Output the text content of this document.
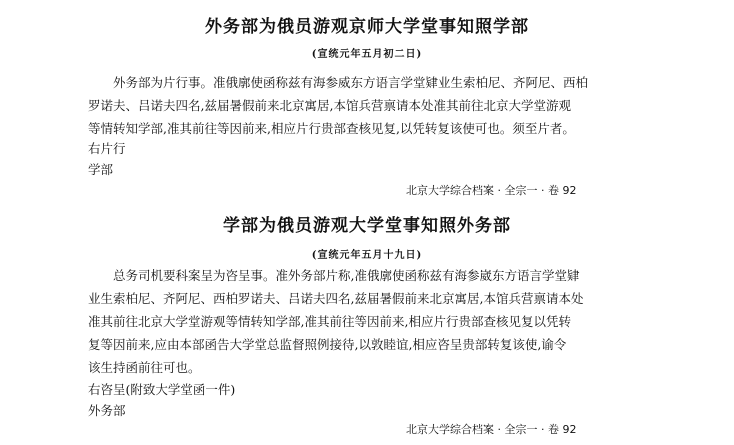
外务部为俄员游观京师大学堂事知照学部
(宣统元年五月初二日)
　　外务部为片行事。准俄廓使函称兹有海参威东方语言学堂肄业生索柏尼、齐阿尼、西柏
罗诺夫、吕诺夫四名,兹届暑假前来北京寓居,本馆兵营禀请本处准其前往北京大学堂游观
等情转知学部,准其前往等因前来,相应片行贵部查核见复,以凭转复该使可也。须至片者。
右片行
学部
北京大学综合档案 · 全宗一 · 卷 92
学部为俄员游观大学堂事知照外务部
(宣统元年五月十九日)
　　总务司机要科案呈为咨呈事。准外务部片称,准俄廓使函称兹有海参崴东方语言学堂肄
业生索柏尼、齐阿尼、西柏罗诺夫、吕诺夫四名,兹届暑假前来北京寓居,本馆兵营禀请本处
准其前往北京大学堂游观等情转知学部,准其前往等因前来,相应片行贵部查核见复以凭转
复等因前来,应由本部函告大学堂总监督照例接待,以敦睦谊,相应咨呈贵部转复该使,谕令
该生持函前往可也。
右咨呈(附致大学堂函一件)
外务部
北京大学综合档案 · 全宗一 · 卷 92
